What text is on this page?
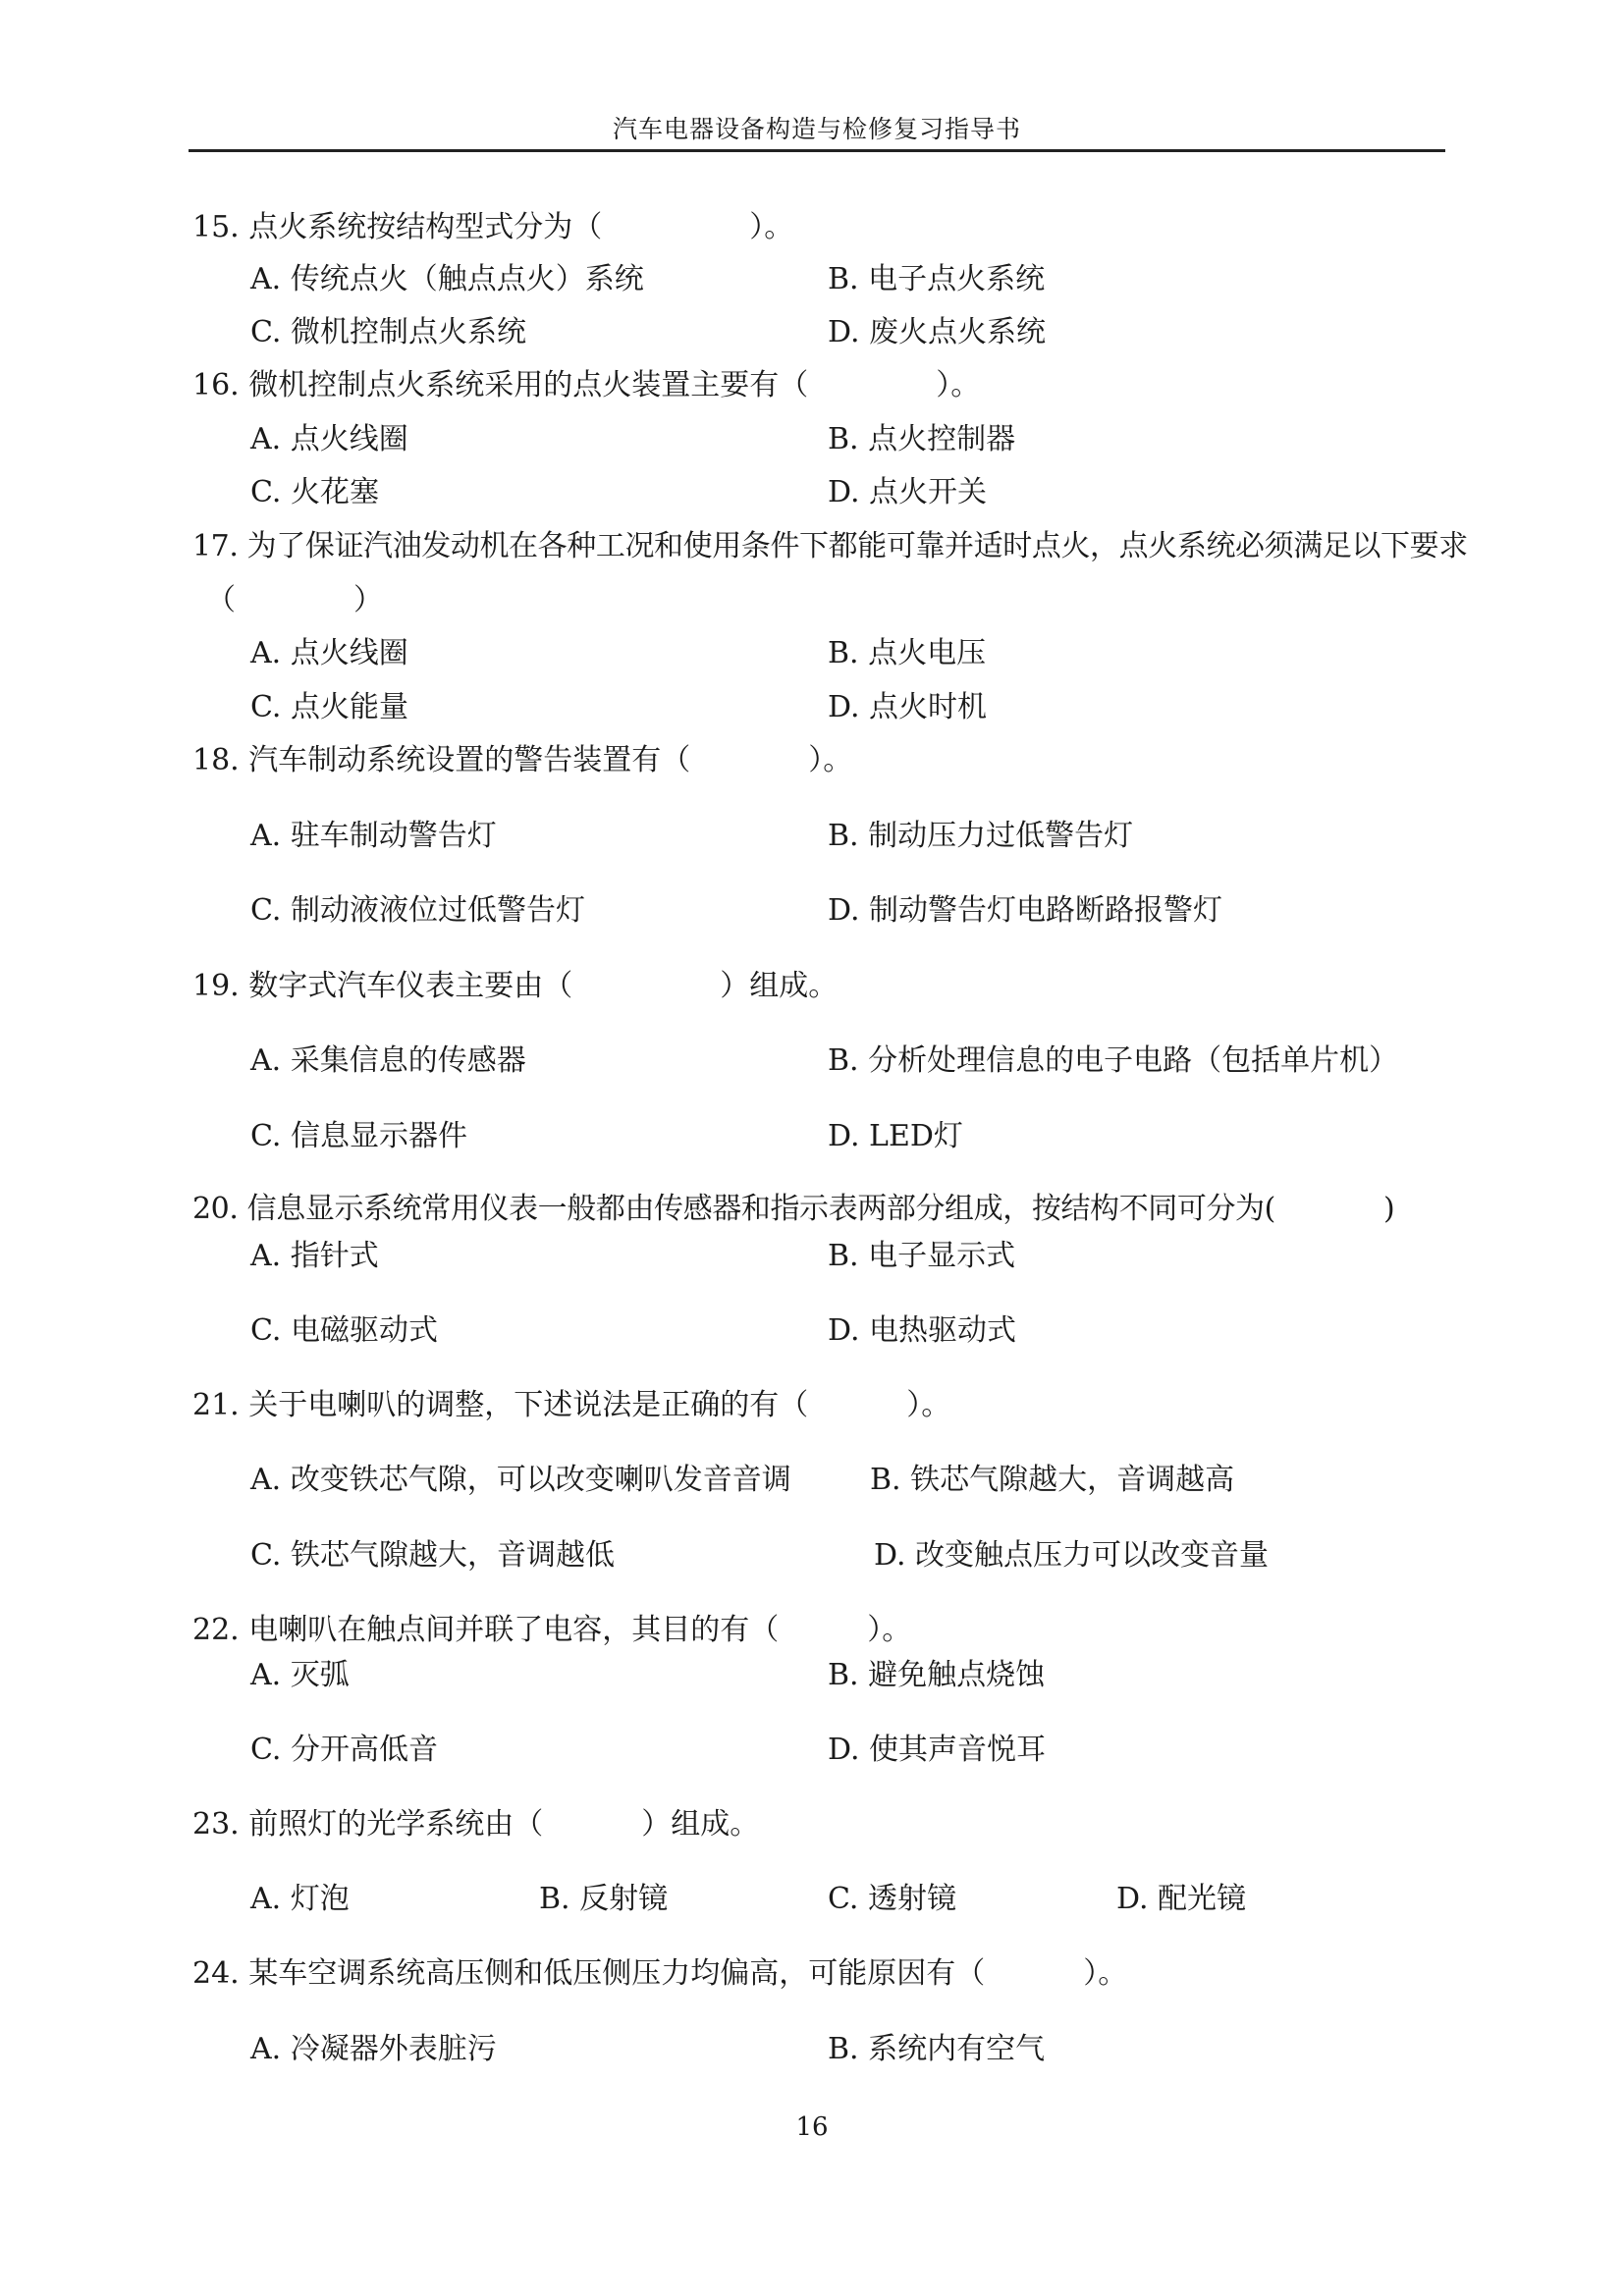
汽车电器设备构造与检修复习指导书
15. 点火系统按结构型式分为（	）。
A. 传统点火（触点点火）系统	B. 电子点火系统
C. 微机控制点火系统	D. 废火点火系统
16. 微机控制点火系统采用的点火装置主要有（	）。
A. 点火线圈	B. 点火控制器
C. 火花塞	D. 点火开关
17. 为了保证汽油发动机在各种工况和使用条件下都能可靠并适时点火，点火系统必须满足以下要求
（　　　　）
A. 点火线圈	B. 点火电压
C. 点火能量	D. 点火时机
18. 汽车制动系统设置的警告装置有（	）。
A. 驻车制动警告灯	B. 制动压力过低警告灯
C. 制动液液位过低警告灯	D. 制动警告灯电路断路报警灯
19. 数字式汽车仪表主要由（	）组成。
A. 采集信息的传感器	B. 分析处理信息的电子电路（包括单片机）
C. 信息显示器件	D. LED灯
20. 信息显示系统常用仪表一般都由传感器和指示表两部分组成，按结构不同可分为(	)
A. 指针式	B. 电子显示式
C. 电磁驱动式	D. 电热驱动式
21. 关于电喇叭的调整，下述说法是正确的有（	）。
A. 改变铁芯气隙，可以改变喇叭发音音调	B. 铁芯气隙越大，音调越高
C. 铁芯气隙越大，音调越低	D. 改变触点压力可以改变音量
22. 电喇叭在触点间并联了电容，其目的有（	）。
A. 灭弧	B. 避免触点烧蚀
C. 分开高低音	D. 使其声音悦耳
23. 前照灯的光学系统由（	）组成。
A. 灯泡	B. 反射镜	C. 透射镜	D. 配光镜
24. 某车空调系统高压侧和低压侧压力均偏高，可能原因有（	）。
A. 冷凝器外表脏污	B. 系统内有空气
16
